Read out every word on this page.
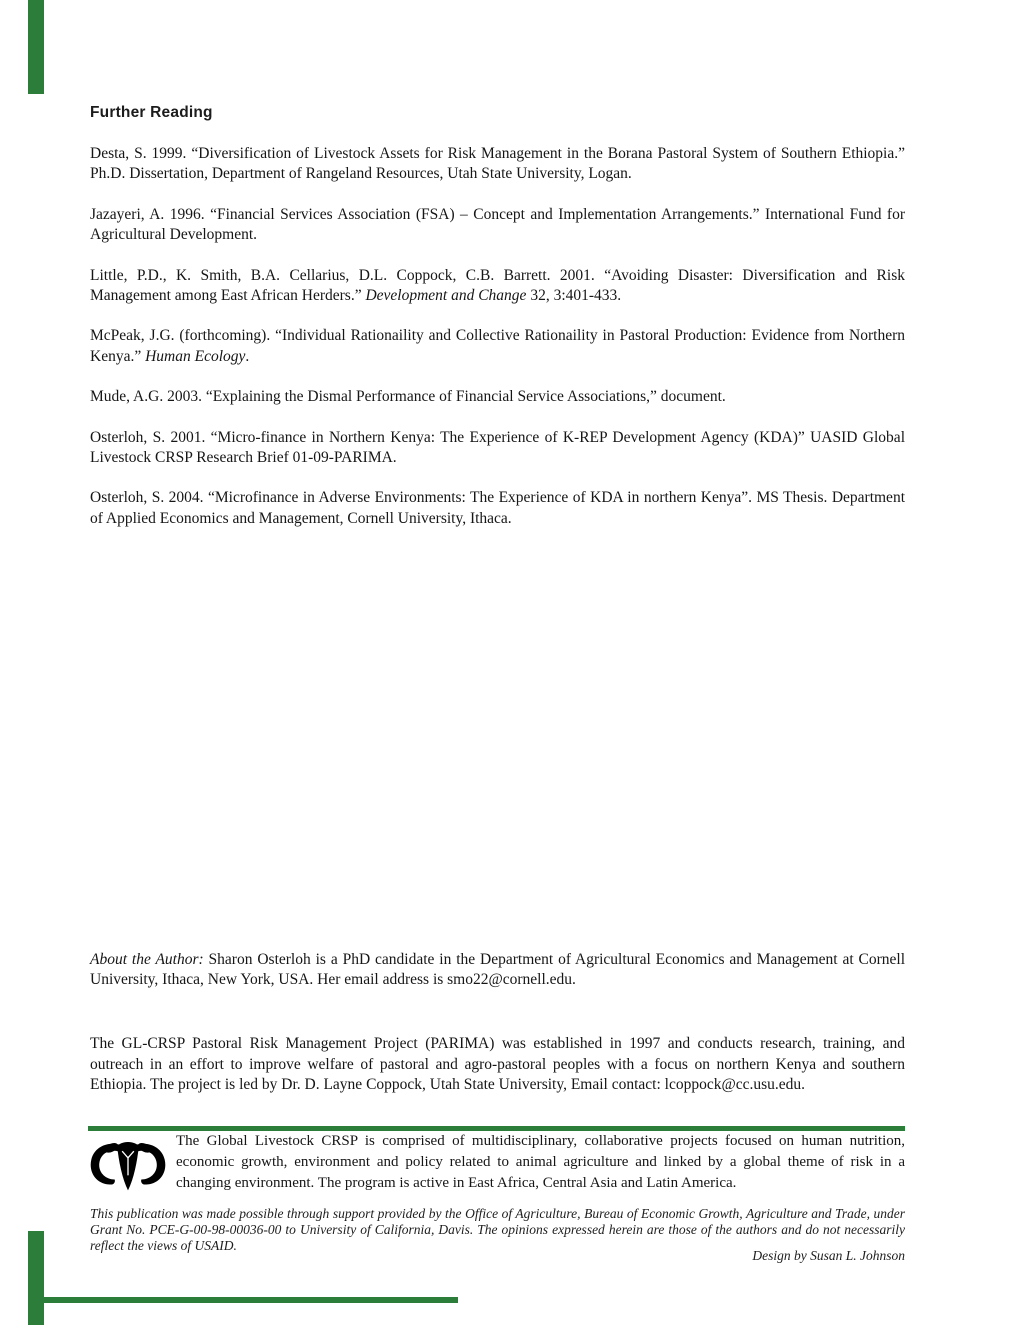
Further Reading

Desta, S. 1999. “Diversification of Livestock Assets for Risk Management in the Borana Pastoral System of Southern Ethiopia.” Ph.D. Dissertation, Department of Rangeland Resources, Utah State University, Logan.

Jazayeri, A. 1996. “Financial Services Association (FSA) – Concept and Implementation Arrangements.” International Fund for Agricultural Development.

Little, P.D., K. Smith, B.A. Cellarius, D.L. Coppock, C.B. Barrett. 2001. “Avoiding Disaster: Diversification and Risk Management among East African Herders.” Development and Change 32, 3:401-433.

McPeak, J.G. (forthcoming). “Individual Rationaility and Collective Rationaility in Pastoral Production: Evidence from Northern Kenya.” Human Ecology.

Mude, A.G. 2003. “Explaining the Dismal Performance of Financial Service Associations,” document.

Osterloh, S. 2001. “Micro-finance in Northern Kenya: The Experience of K-REP Development Agency (KDA)” UASID Global Livestock CRSP Research Brief 01-09-PARIMA.

Osterloh, S. 2004. “Microfinance in Adverse Environments: The Experience of KDA in northern Kenya”. MS Thesis. Department of Applied Economics and Management, Cornell University, Ithaca.

About the Author: Sharon Osterloh is a PhD candidate in the Department of Agricultural Economics and Management at Cornell University, Ithaca, New York, USA. Her email address is smo22@cornell.edu.

The GL-CRSP Pastoral Risk Management Project (PARIMA) was established in 1997 and conducts research, training, and outreach in an effort to improve welfare of pastoral and agro-pastoral peoples with a focus on northern Kenya and southern Ethiopia. The project is led by Dr. D. Layne Coppock, Utah State University, Email contact: lcoppock@cc.usu.edu.

The Global Livestock CRSP is comprised of multidisciplinary, collaborative projects focused on human nutrition, economic growth, environment and policy related to animal agriculture and linked by a global theme of risk in a changing environment. The program is active in East Africa, Central Asia and Latin America.

This publication was made possible through support provided by the Office of Agriculture, Bureau of Economic Growth, Agriculture and Trade, under Grant No. PCE-G-00-98-00036-00 to University of California, Davis. The opinions expressed herein are those of the authors and do not necessarily reflect the views of USAID.

Design by Susan L. Johnson
